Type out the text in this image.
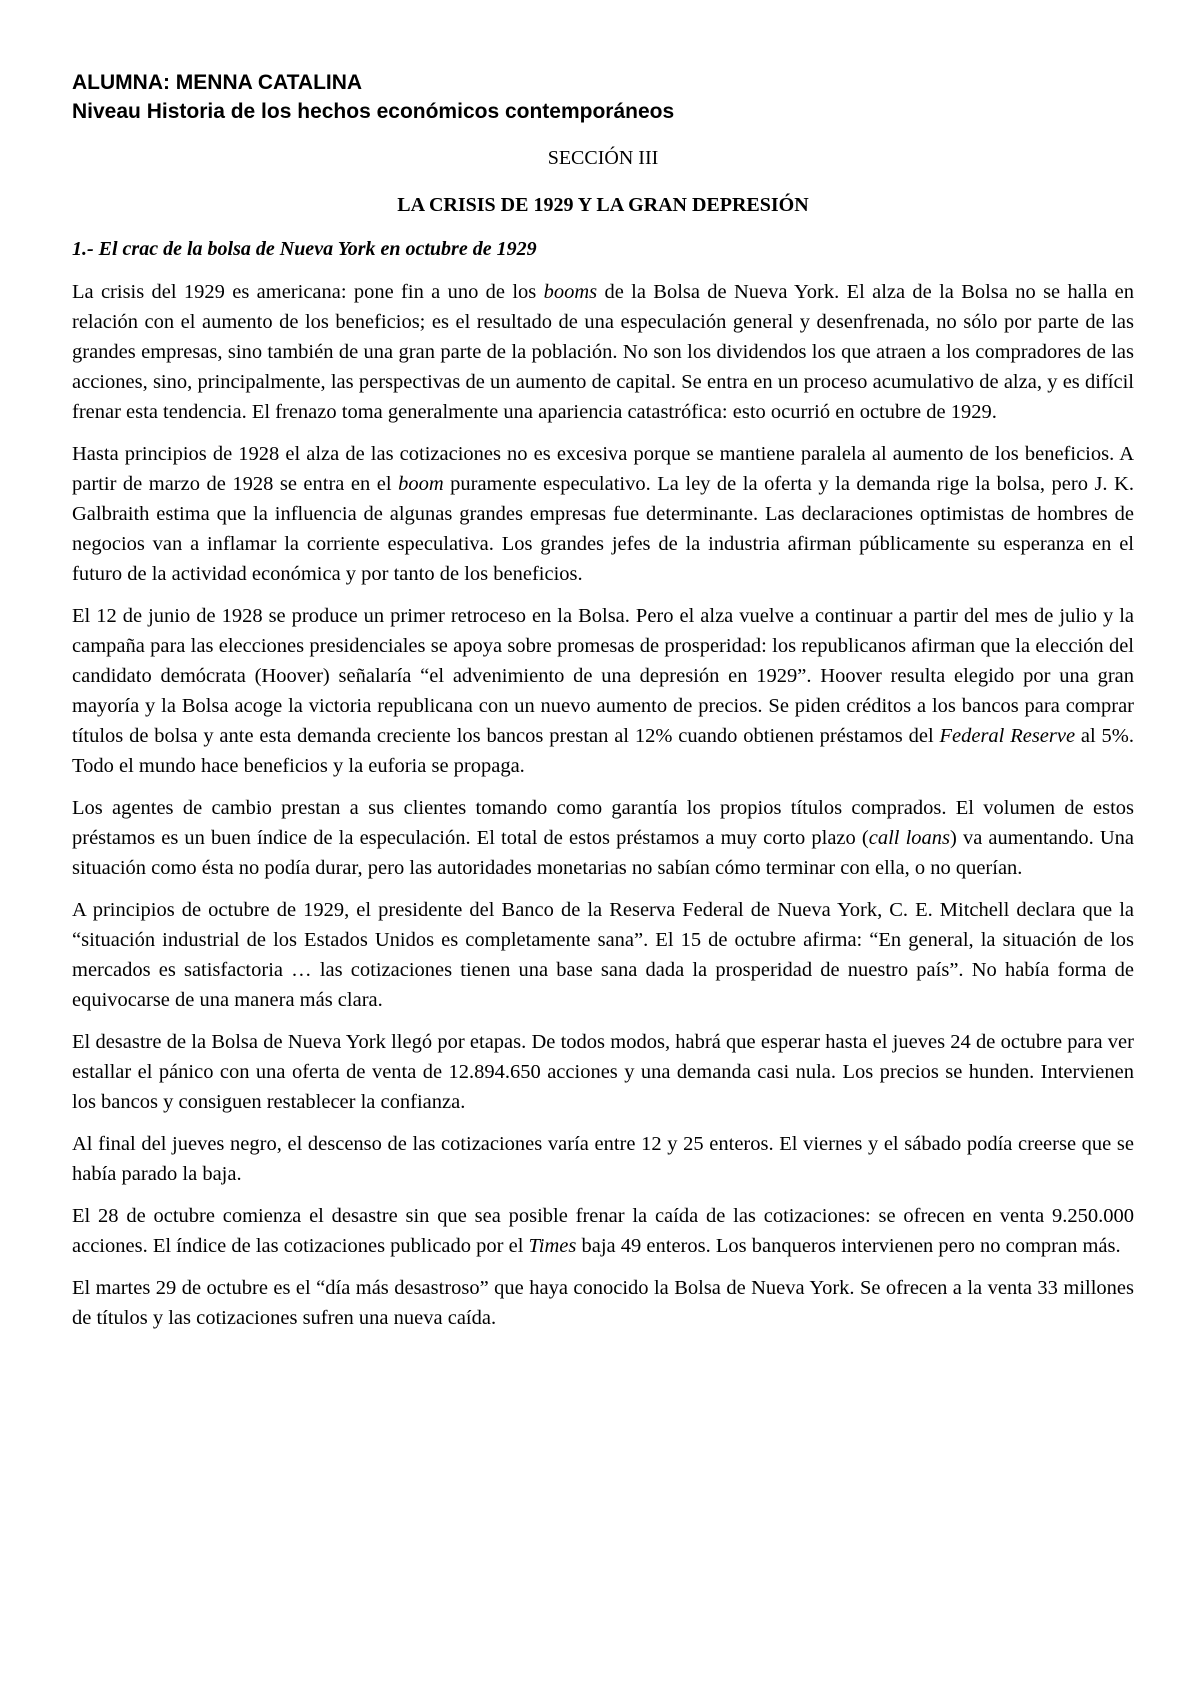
ALUMNA: MENNA CATALINA

Niveau Historia de los hechos económicos contemporáneos

SECCIÓN III

LA CRISIS DE 1929 Y LA GRAN DEPRESIÓN

1.- El crac de la bolsa de Nueva York en octubre de 1929

La crisis del 1929 es americana: pone fin a uno de los booms de la Bolsa de Nueva York. El alza de la Bolsa no se halla en relación con el aumento de los beneficios; es el resultado de una especulación general y desenfrenada, no sólo por parte de las grandes empresas, sino también de una gran parte de la población. No son los dividendos los que atraen a los compradores de las acciones, sino, principalmente, las perspectivas de un aumento de capital. Se entra en un proceso acumulativo de alza, y es difícil frenar esta tendencia. El frenazo toma generalmente una apariencia catastrófica: esto ocurrió en octubre de 1929.

Hasta principios de 1928 el alza de las cotizaciones no es excesiva porque se mantiene paralela al aumento de los beneficios. A partir de marzo de 1928 se entra en el boom puramente especulativo. La ley de la oferta y la demanda rige la bolsa, pero J. K. Galbraith estima que la influencia de algunas grandes empresas fue determinante. Las declaraciones optimistas de hombres de negocios van a inflamar la corriente especulativa. Los grandes jefes de la industria afirman públicamente su esperanza en el futuro de la actividad económica y por tanto de los beneficios.

El 12 de junio de 1928 se produce un primer retroceso en la Bolsa. Pero el alza vuelve a continuar a partir del mes de julio y la campaña para las elecciones presidenciales se apoya sobre promesas de prosperidad: los republicanos afirman que la elección del candidato demócrata (Hoover) señalaría “el advenimiento de una depresión en 1929”. Hoover resulta elegido por una gran mayoría y la Bolsa acoge la victoria republicana con un nuevo aumento de precios. Se piden créditos a los bancos para comprar títulos de bolsa y ante esta demanda creciente los bancos prestan al 12% cuando obtienen préstamos del Federal Reserve al 5%. Todo el mundo hace beneficios y la euforia se propaga.

Los agentes de cambio prestan a sus clientes tomando como garantía los propios títulos comprados. El volumen de estos préstamos es un buen índice de la especulación. El total de estos préstamos a muy corto plazo (call loans) va aumentando. Una situación como ésta no podía durar, pero las autoridades monetarias no sabían cómo terminar con ella, o no querían.

A principios de octubre de 1929, el presidente del Banco de la Reserva Federal de Nueva York, C. E. Mitchell declara que la “situación industrial de los Estados Unidos es completamente sana”. El 15 de octubre afirma: “En general, la situación de los mercados es satisfactoria … las cotizaciones tienen una base sana dada la prosperidad de nuestro país”. No había forma de equivocarse de una manera más clara.

El desastre de la Bolsa de Nueva York llegó por etapas. De todos modos, habrá que esperar hasta el jueves 24 de octubre para ver estallar el pánico con una oferta de venta de 12.894.650 acciones y una demanda casi nula. Los precios se hunden. Intervienen los bancos y consiguen restablecer la confianza.

Al final del jueves negro, el descenso de las cotizaciones varía entre 12 y 25 enteros. El viernes y el sábado podía creerse que se había parado la baja.

El 28 de octubre comienza el desastre sin que sea posible frenar la caída de las cotizaciones: se ofrecen en venta 9.250.000 acciones. El índice de las cotizaciones publicado por el Times baja 49 enteros. Los banqueros intervienen pero no compran más.

El martes 29 de octubre es el “día más desastroso” que haya conocido la Bolsa de Nueva York. Se ofrecen a la venta 33 millones de títulos y las cotizaciones sufren una nueva caída.
